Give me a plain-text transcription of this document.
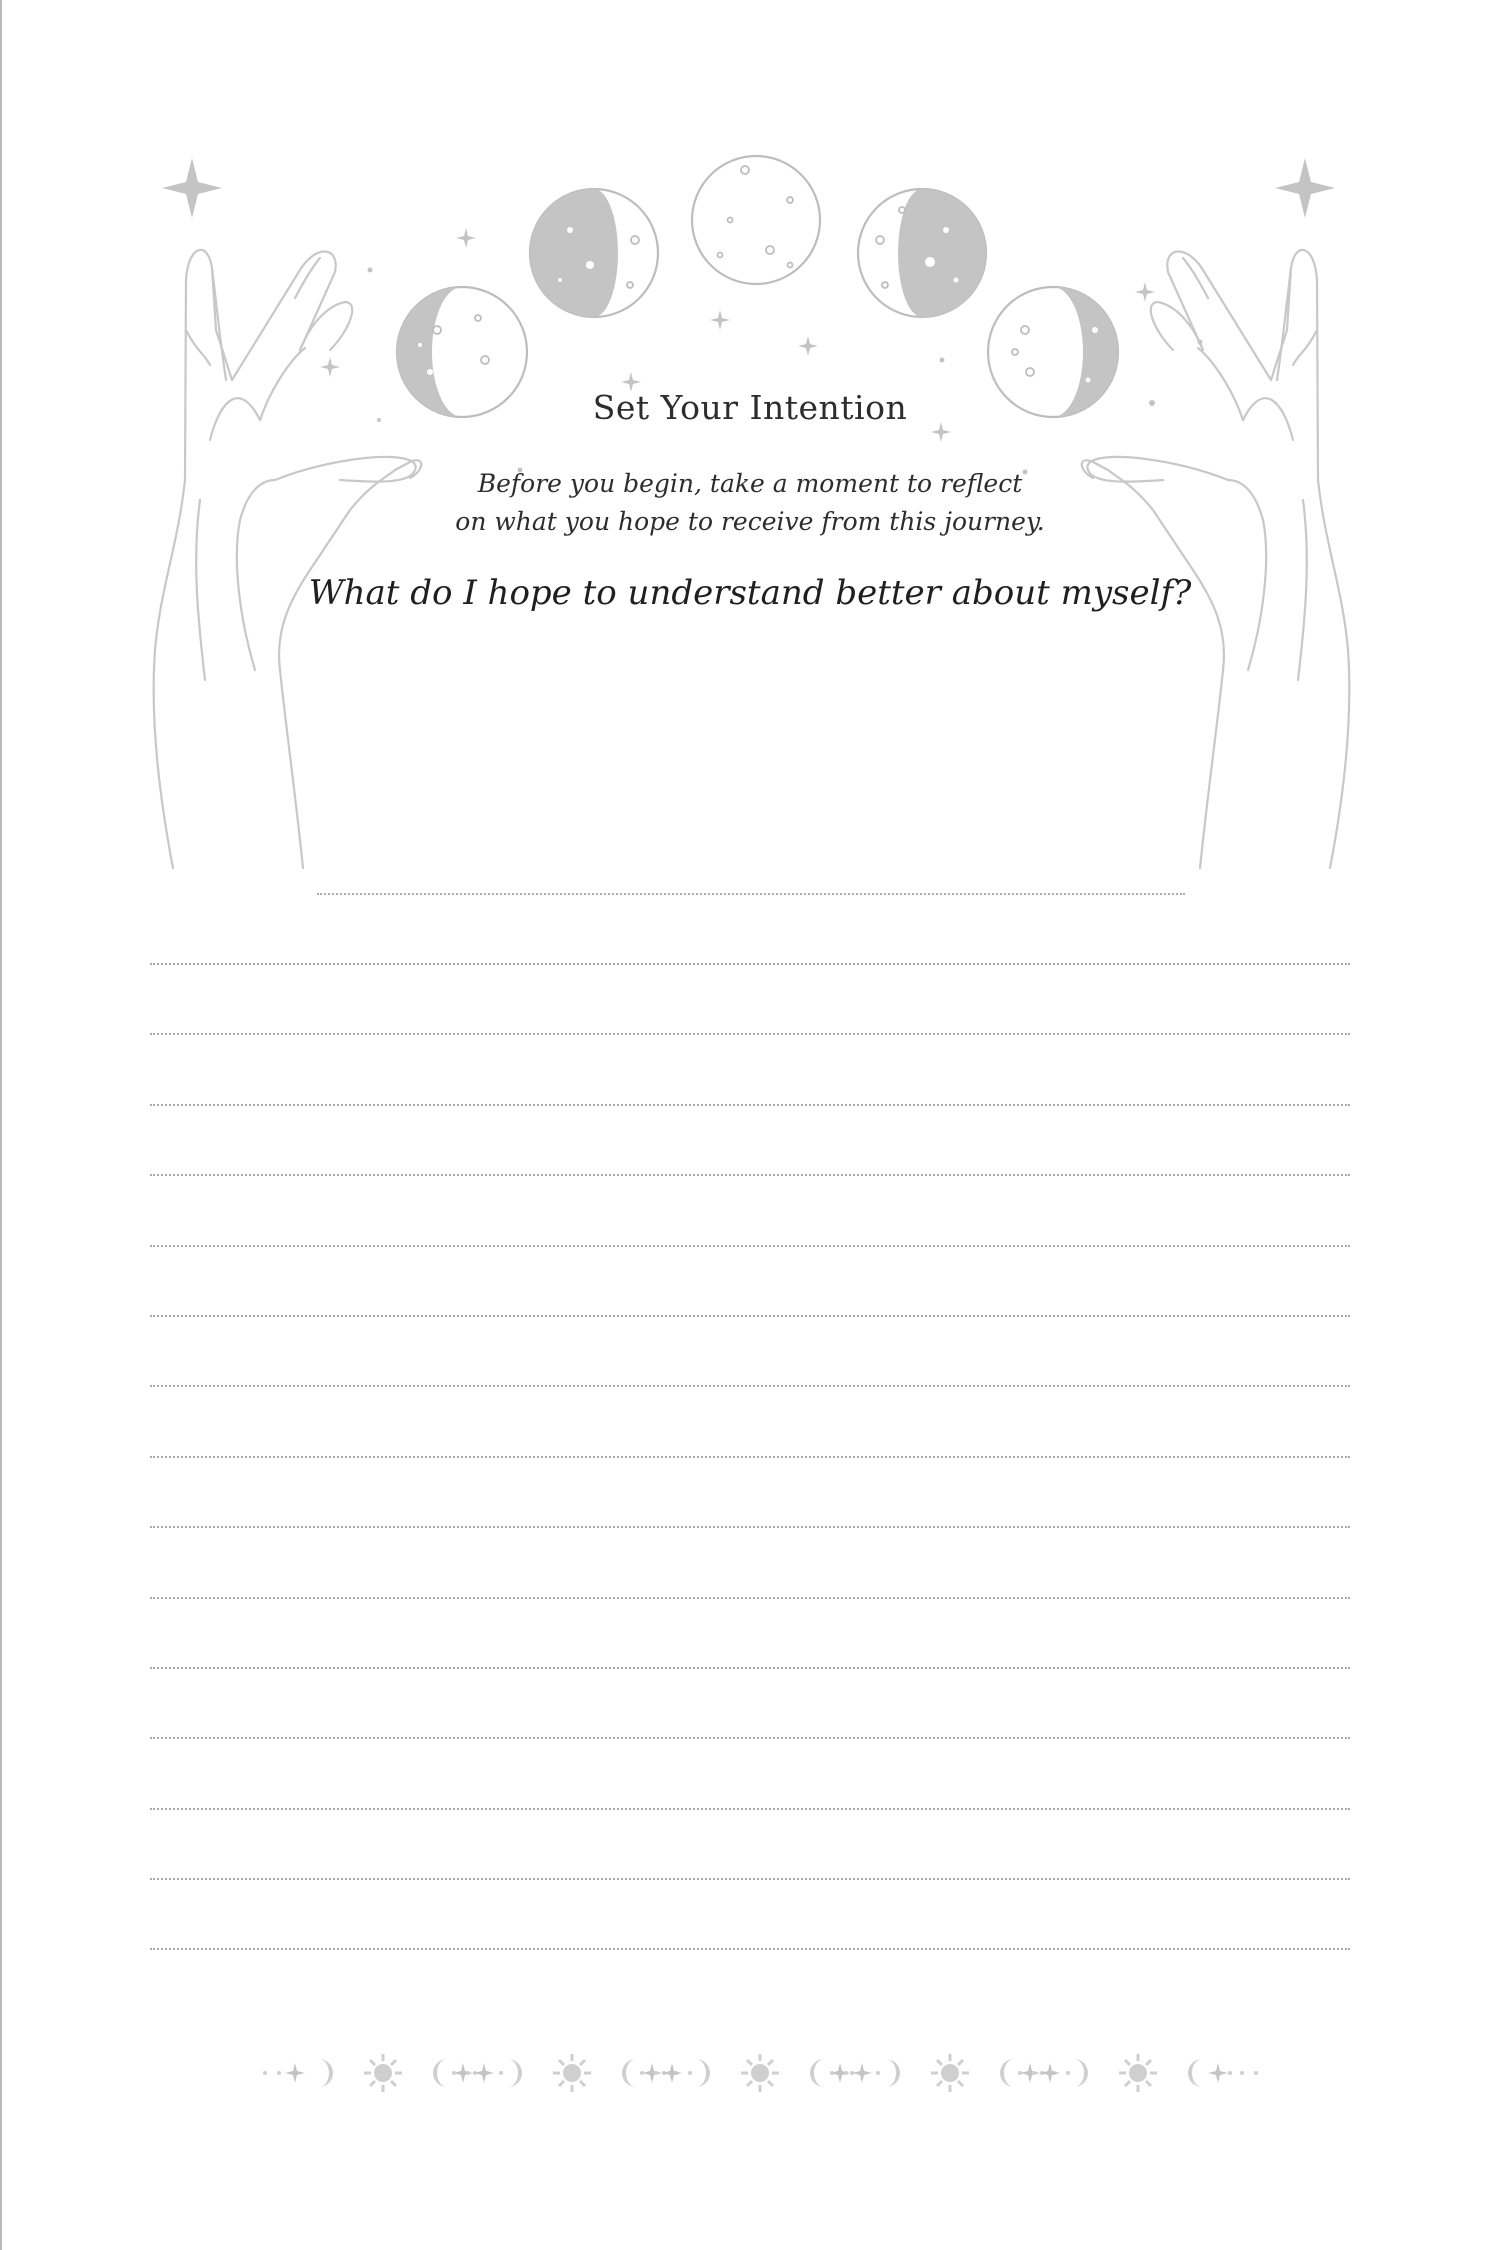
Set Your Intention
Before you begin, take a moment to reflect
on what you hope to receive from this journey.
What do I hope to understand better about myself?
